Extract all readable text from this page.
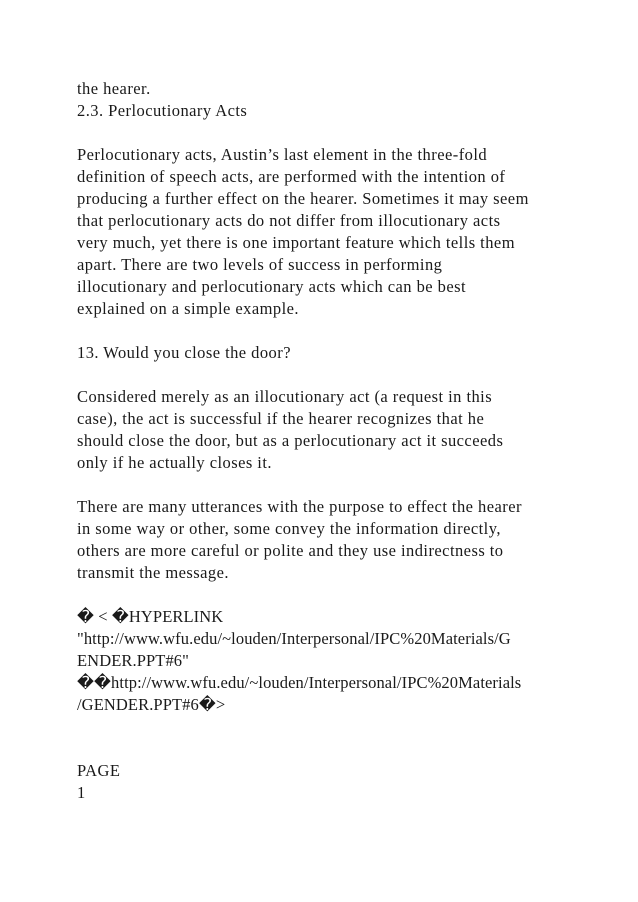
the hearer.
2.3. Perlocutionary Acts
Perlocutionary acts, Austin’s last element in the three-fold
definition of speech acts, are performed with the intention of
producing a further effect on the hearer. Sometimes it may seem
that perlocutionary acts do not differ from illocutionary acts
very much, yet there is one important feature which tells them
apart. There are two levels of success in performing
illocutionary and perlocutionary acts which can be best
explained on a simple example.
13. Would you close the door?
Considered merely as an illocutionary act (a request in this
case), the act is successful if the hearer recognizes that he
should close the door, but as a perlocutionary act it succeeds
only if he actually closes it.
There are many utterances with the purpose to effect the hearer
in some way or other, some convey the information directly,
others are more careful or polite and they use indirectness to
transmit the message.
� < �HYPERLINK
"http://www.wfu.edu/~louden/Interpersonal/IPC%20Materials/G
ENDER.PPT#6"
��http://www.wfu.edu/~louden/Interpersonal/IPC%20Materials
/GENDER.PPT#6�>
PAGE
1
